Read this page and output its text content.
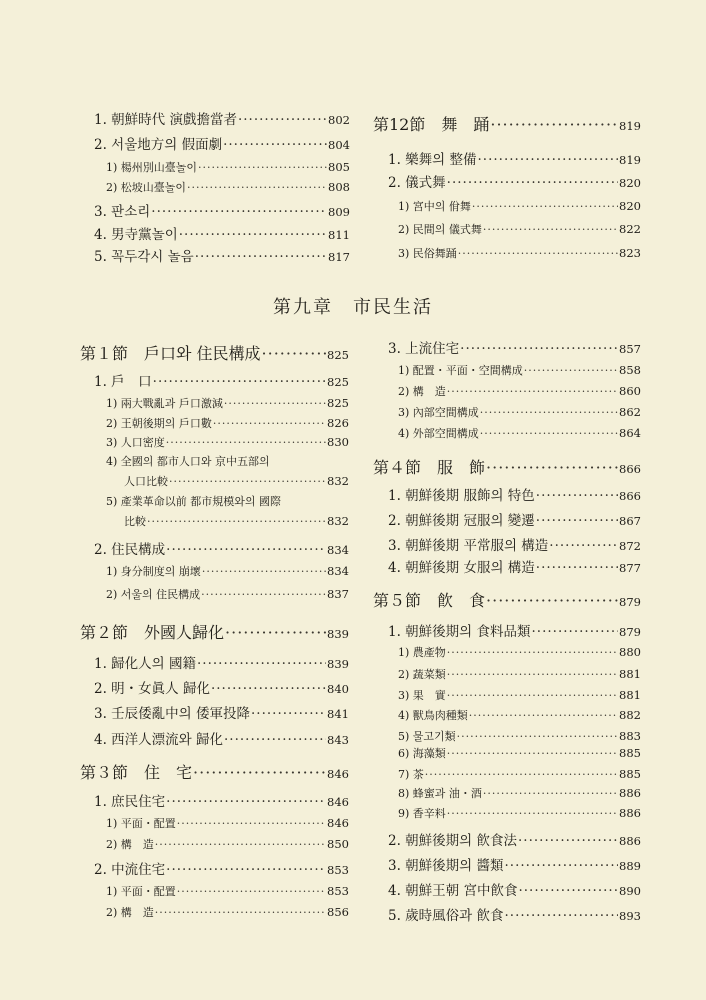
1. 朝鮮時代 演戲擔當者 ·····	802
2. 서울地方의 假面劇 ·····	804
1) 楊州別山臺놀이 ·····	805
2) 松坡山臺놀이 ·····	808
3. 판소리 ·····	809
4. 男寺黨놀이 ·····	811
5. 꼭두각시 놀음 ·····	817
第12節　舞　踊 ·····	819
1. 樂舞의 整備 ·····	819
2. 儀式舞 ·····	820
1) 宮中의 佾舞 ·····	820
2) 民間의 儀式舞 ·····	822
3) 民俗舞踊 ·····	823
第九章　市民生活
第１節　戶口와 住民構成 ·····	825
1. 戶　口 ·····	825
1) 兩大戰亂과 戶口激減 ·····	825
2) 王朝後期의 戶口數 ·····	826
3) 人口密度 ·····	830
4) 全國의 都市人口와 京中五部의
人口比較 ·····	832
5) 產業革命以前 都市規模와의 國際
比較 ·····	832
2. 住民構成 ·····	834
1) 身分制度의 崩壞 ·····	834
2) 서울의 住民構成 ·····	837
第２節　外國人歸化 ·····	839
1. 歸化人의 國籍 ·····	839
2. 明・女眞人 歸化 ·····	840
3. 壬辰倭亂中의 倭軍投降 ·····	841
4. 西洋人漂流와 歸化 ·····	843
第３節　住　宅 ·····	846
1. 庶民住宅 ·····	846
1) 平面・配置 ·····	846
2) 構　造 ·····	850
2. 中流住宅 ·····	853
1) 平面・配置 ·····	853
2) 構　造 ·····	856
3. 上流住宅 ·····	857
1) 配置・平面・空間構成 ·····	858
2) 構　造 ·····	860
3) 內部空間構成 ·····	862
4) 外部空間構成 ·····	864
第４節　服　飾 ·····	866
1. 朝鮮後期 服飾의 特色 ·····	866
2. 朝鮮後期 冠服의 變遷 ·····	867
3. 朝鮮後期 平常服의 構造 ·····	872
4. 朝鮮後期 女服의 構造 ·····	877
第５節　飮　食 ·····	879
1. 朝鮮後期의 食料品類 ·····	879
1) 農產物 ·····	880
2) 蔬菜類 ·····	881
3) 果　實 ·····	881
4) 獸鳥肉種類 ·····	882
5) 물고기類 ·····	883
6) 海藻類 ·····	885
7) 茶 ·····	885
8) 蜂蜜과 油・酒 ·····	886
9) 香辛料 ·····	886
2. 朝鮮後期의 飮食法 ·····	886
3. 朝鮮後期의 醬類 ·····	889
4. 朝鮮王朝 宮中飮食 ·····	890
5. 歲時風俗과 飮食 ·····	893
